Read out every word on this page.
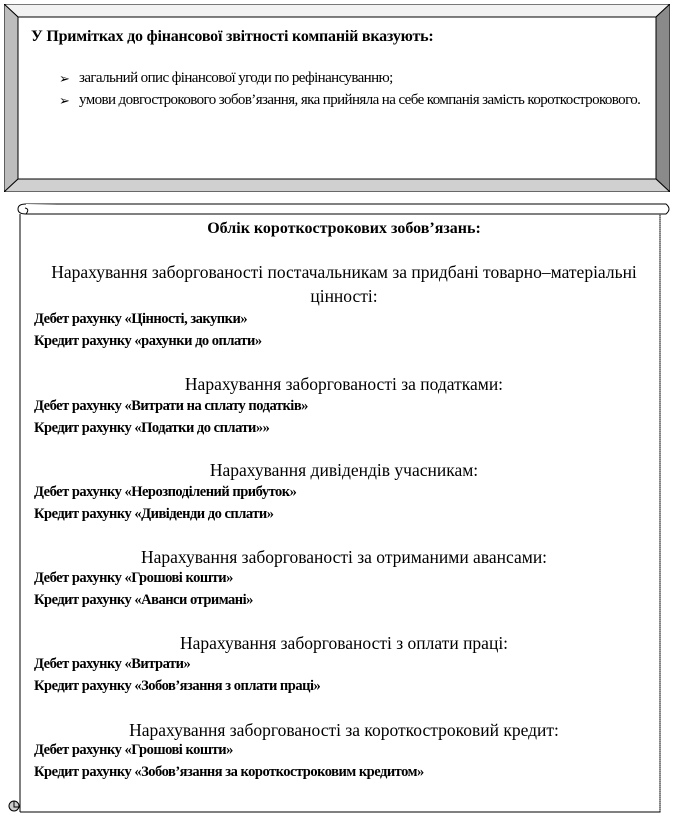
У Примітках до фінансової звітності компаній вказують:
➢ загальний опис фінансової угоди по рефінансуванню;
➢ умови довгострокового зобов’язання, яка прийняла на себе компанія замість короткострокового.
Облік короткострокових зобов’язань:
Нарахування заборгованості постачальникам за придбані товарно–матеріальні цінності:
Дебет рахунку «Цінності, закупки»
Кредит рахунку «рахунки до оплати»
Нарахування заборгованості за податками:
Дебет рахунку «Витрати на сплату податків»
Кредит рахунку «Податки до сплати»»
Нарахування дивідендів учасникам:
Дебет рахунку «Нерозподілений прибуток»
Кредит рахунку «Дивіденди до сплати»
Нарахування заборгованості за отриманими авансами:
Дебет рахунку «Грошові кошти»
Кредит рахунку «Аванси отримані»
Нарахування заборгованості з оплати праці:
Дебет рахунку «Витрати»
Кредит рахунку «Зобов’язання з оплати праці»
Нарахування заборгованості за короткостроковий кредит:
Дебет рахунку «Грошові кошти»
Кредит рахунку «Зобов’язання за короткостроковим кредитом»
